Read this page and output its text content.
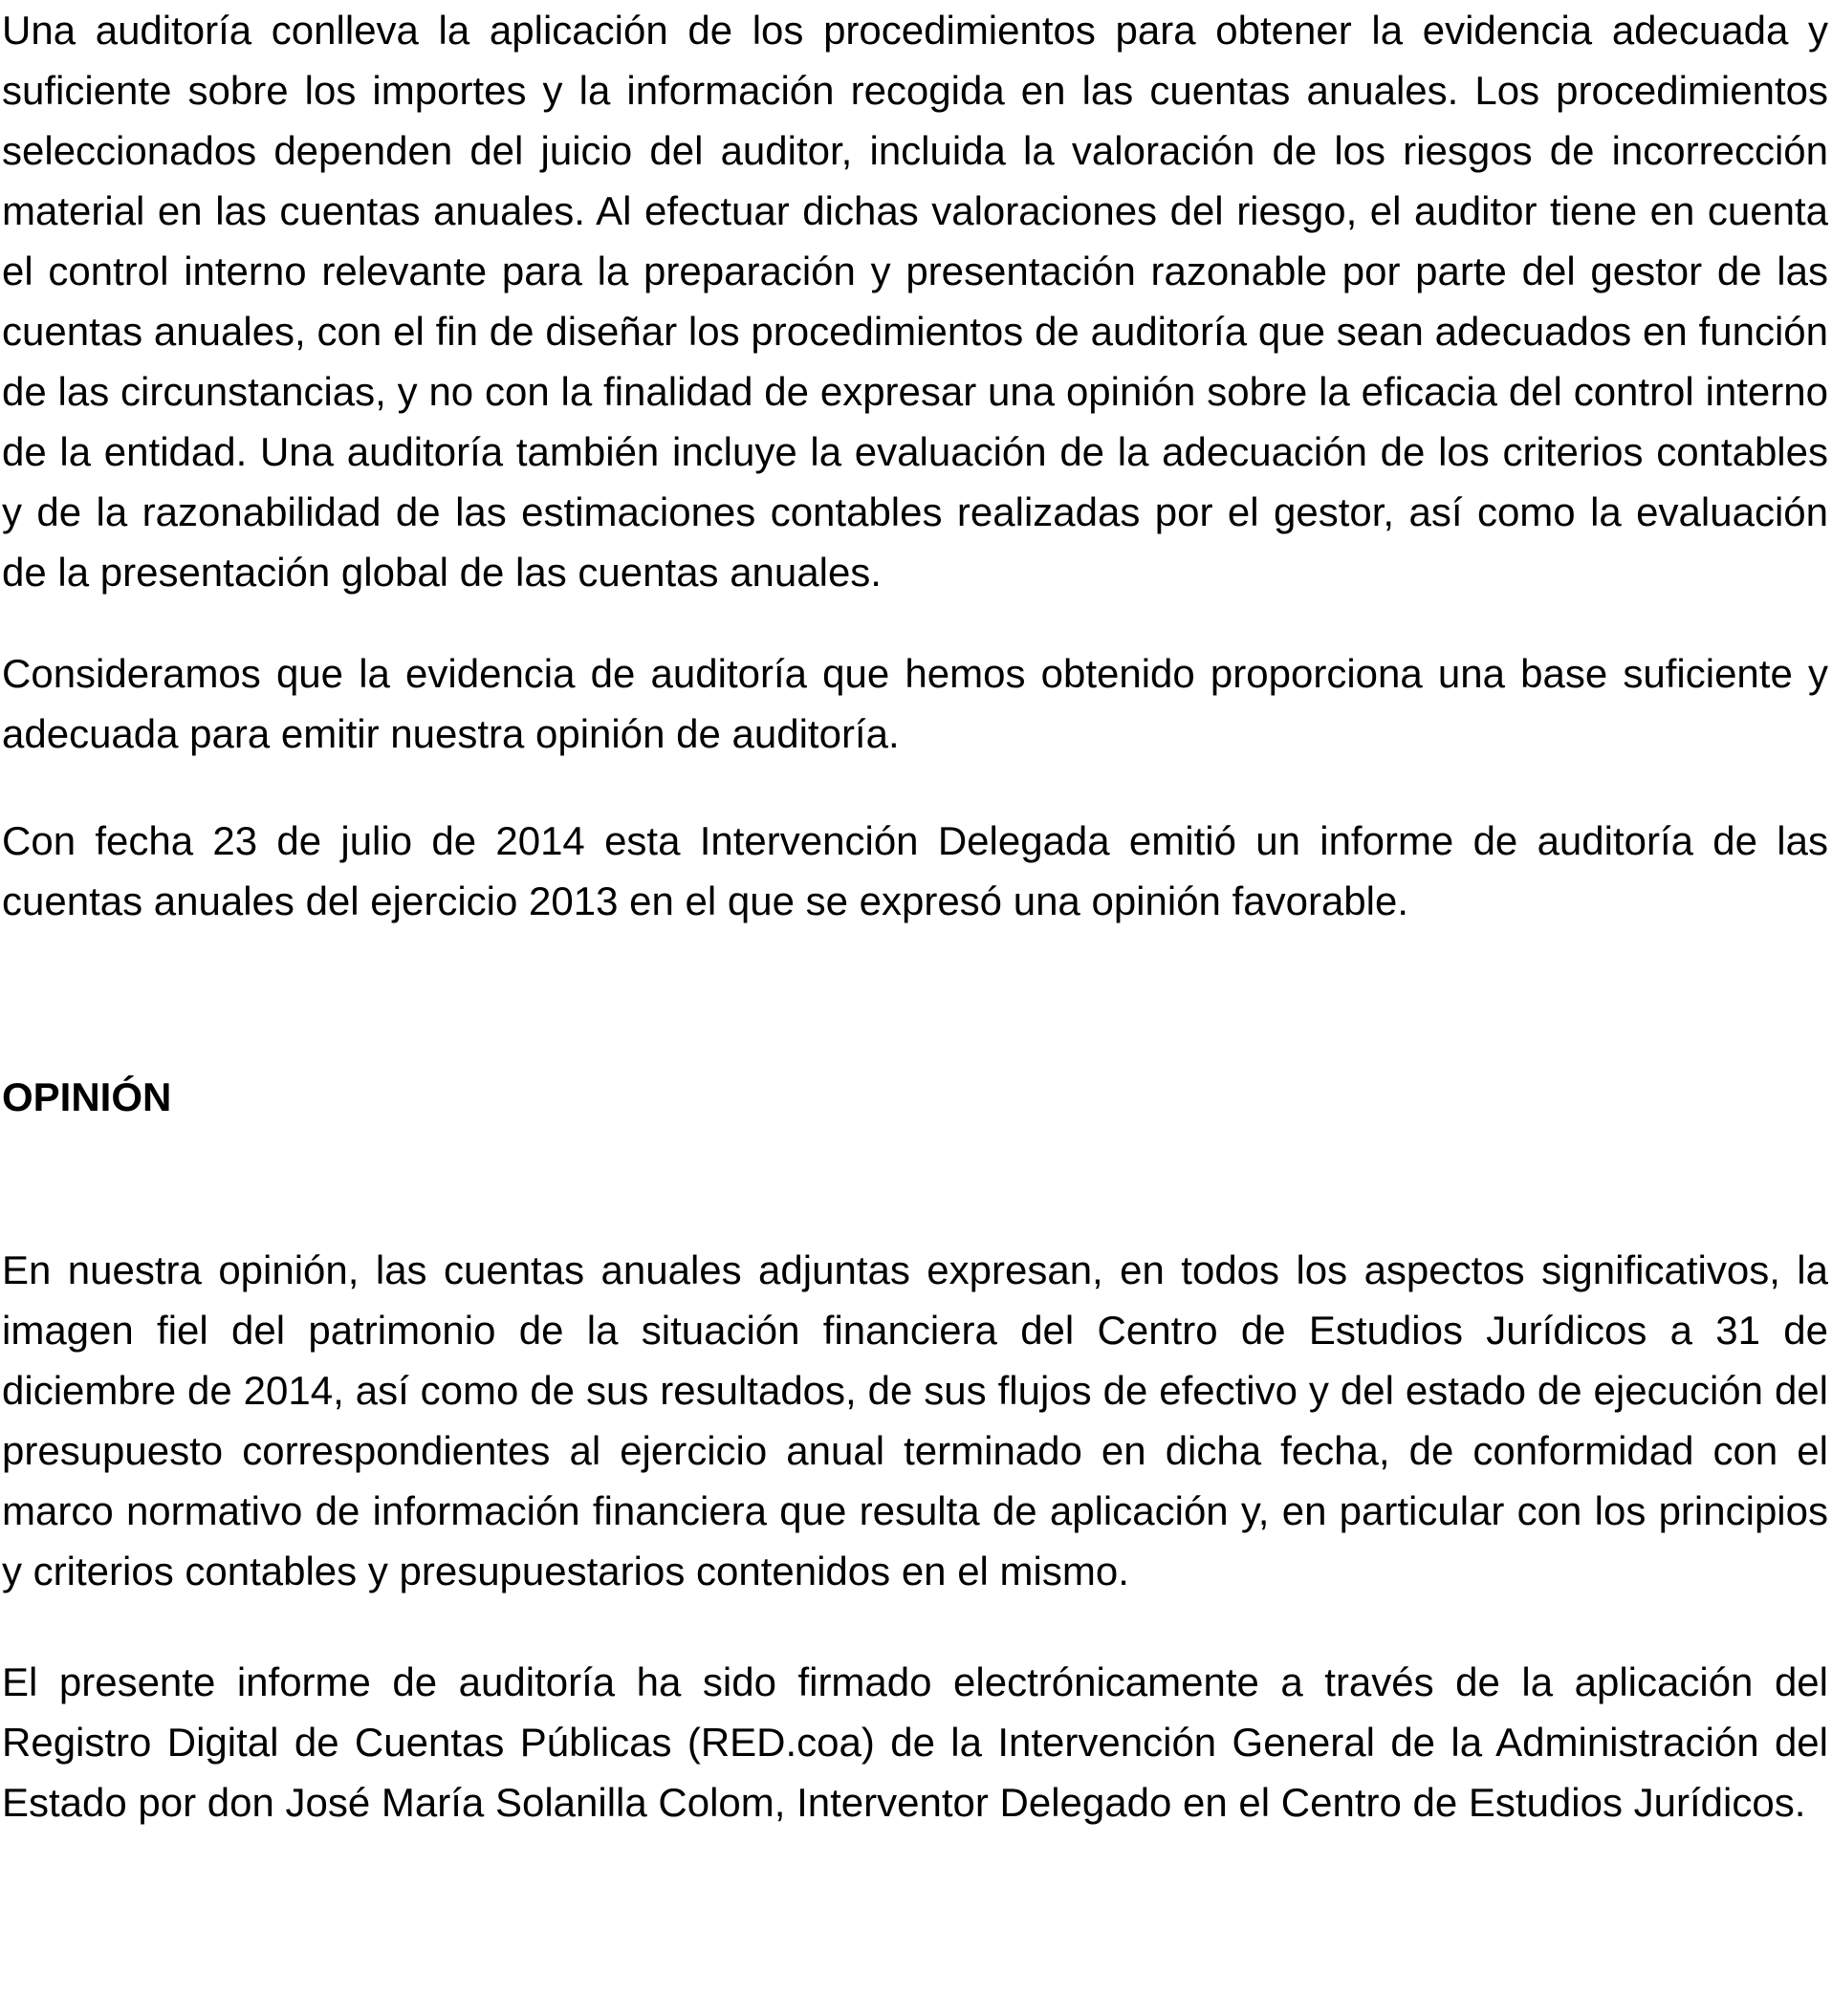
Una auditoría conlleva la aplicación de los procedimientos para obtener la evidencia adecuada y suficiente sobre los importes y la información recogida en las cuentas anuales. Los procedimientos seleccionados dependen del juicio del auditor, incluida la valoración de los riesgos de incorrección material en las cuentas anuales. Al efectuar dichas valoraciones del riesgo, el auditor tiene en cuenta el control interno relevante para la preparación y presentación razonable por parte del gestor de las cuentas anuales, con el fin de diseñar los procedimientos de auditoría que sean adecuados en función de las circunstancias, y no con la finalidad de expresar una opinión sobre la eficacia del control interno de la entidad. Una auditoría también incluye la evaluación de la adecuación de los criterios contables y de la razonabilidad de las estimaciones contables realizadas por el gestor, así como la evaluación de la presentación global de las cuentas anuales.

Consideramos que la evidencia de auditoría que hemos obtenido proporciona una base suficiente y adecuada para emitir nuestra opinión de auditoría.

Con fecha 23 de julio de 2014 esta Intervención Delegada emitió un informe de auditoría de las cuentas anuales del ejercicio 2013 en el que se expresó una opinión favorable.

OPINIÓN

En nuestra opinión, las cuentas anuales adjuntas expresan, en todos los aspectos significativos, la imagen fiel del patrimonio de la situación financiera del Centro de Estudios Jurídicos a 31 de diciembre de 2014, así como de sus resultados, de sus flujos de efectivo y del estado de ejecución del presupuesto correspondientes al ejercicio anual terminado en dicha fecha, de conformidad con el marco normativo de información financiera que resulta de aplicación y, en particular con los principios y criterios contables y presupuestarios contenidos en el mismo.

El presente informe de auditoría ha sido firmado electrónicamente a través de la aplicación del Registro Digital de Cuentas Públicas (RED.coa) de la Intervención General de la Administración del Estado por don José María Solanilla Colom, Interventor Delegado en el Centro de Estudios Jurídicos.
